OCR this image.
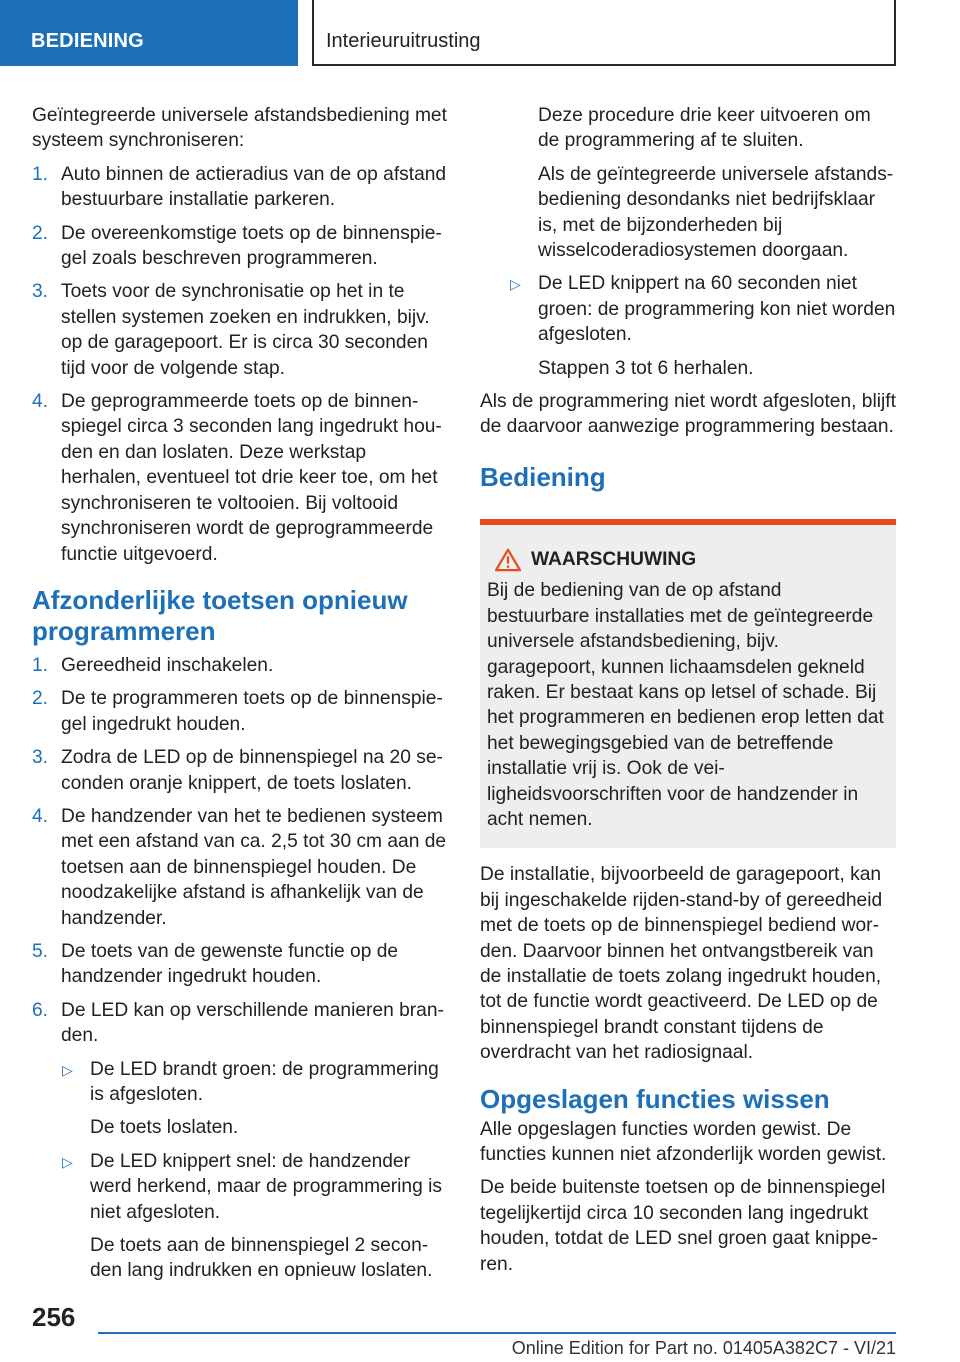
BEDIENING	Interieuruitrusting

Geïntegreerde universele afstandsbediening met systeem synchroniseren:

1. Auto binnen de actieradius van de op afstand bestuurbare installatie parkeren.
2. De overeenkomstige toets op de binnenspiegel zoals beschreven programmeren.
3. Toets voor de synchronisatie op het in te stellen systemen zoeken en indrukken, bijv. op de garagepoort. Er is circa 30 seconden tijd voor de volgende stap.
4. De geprogrammeerde toets op de binnenspiegel circa 3 seconden lang ingedrukt houden en dan loslaten. Deze werkstap herhalen, eventueel tot drie keer toe, om het synchroniseren te voltooien. Bij voltooid synchroniseren wordt de geprogrammeerde functie uitgevoerd.
Afzonderlijke toetsen opnieuw programmeren
1. Gereedheid inschakelen.
2. De te programmeren toets op de binnenspiegel ingedrukt houden.
3. Zodra de LED op de binnenspiegel na 20 seconden oranje knippert, de toets loslaten.
4. De handzender van het te bedienen systeem met een afstand van ca. 2,5 tot 30 cm aan de toetsen aan de binnenspiegel houden. De noodzakelijke afstand is afhankelijk van de handzender.
5. De toets van de gewenste functie op de handzender ingedrukt houden.
6. De LED kan op verschillende manieren branden.
▷ De LED brandt groen: de programmering is afgesloten.
De toets loslaten.
▷ De LED knippert snel: de handzender werd herkend, maar de programmering is niet afgesloten.
De toets aan de binnenspiegel 2 seconden lang indrukken en opnieuw loslaten.

Deze procedure drie keer uitvoeren om de programmering af te sluiten.

Als de geïntegreerde universele afstandsbediening desondanks niet bedrijfsklaar is, met de bijzonderheden bij wisselcoderadiosystemen doorgaan.

▷ De LED knippert na 60 seconden niet groen: de programmering kon niet worden afgesloten.
Stappen 3 tot 6 herhalen.

Als de programmering niet wordt afgesloten, blijft de daarvoor aanwezige programmering bestaan.

Bediening
WAARSCHUWING
Bij de bediening van de op afstand bestuurbare installaties met de geïntegreerde universele afstandsbediening, bijv. garagepoort, kunnen lichaamsdelen gekneld raken. Er bestaat kans op letsel of schade. Bij het programmeren en bedienen erop letten dat het bewegingsgebied van de betreffende installatie vrij is. Ook de veiligheidsvoorschriften voor de handzender in acht nemen.

De installatie, bijvoorbeeld de garagepoort, kan bij ingeschakelde rijden-stand-by of gereedheid met de toets op de binnenspiegel bediend worden. Daarvoor binnen het ontvangstbereik van de installatie de toets zolang ingedrukt houden, tot de functie wordt geactiveerd. De LED op de binnenspiegel brandt constant tijdens de overdracht van het radiosignaal.

Opgeslagen functies wissen

Alle opgeslagen functies worden gewist. De functies kunnen niet afzonderlijk worden gewist.

De beide buitenste toetsen op de binnenspiegel tegelijkertijd circa 10 seconden lang ingedrukt houden, totdat de LED snel groen gaat knipperen.

256
Online Edition for Part no. 01405A382C7 - VI/21
